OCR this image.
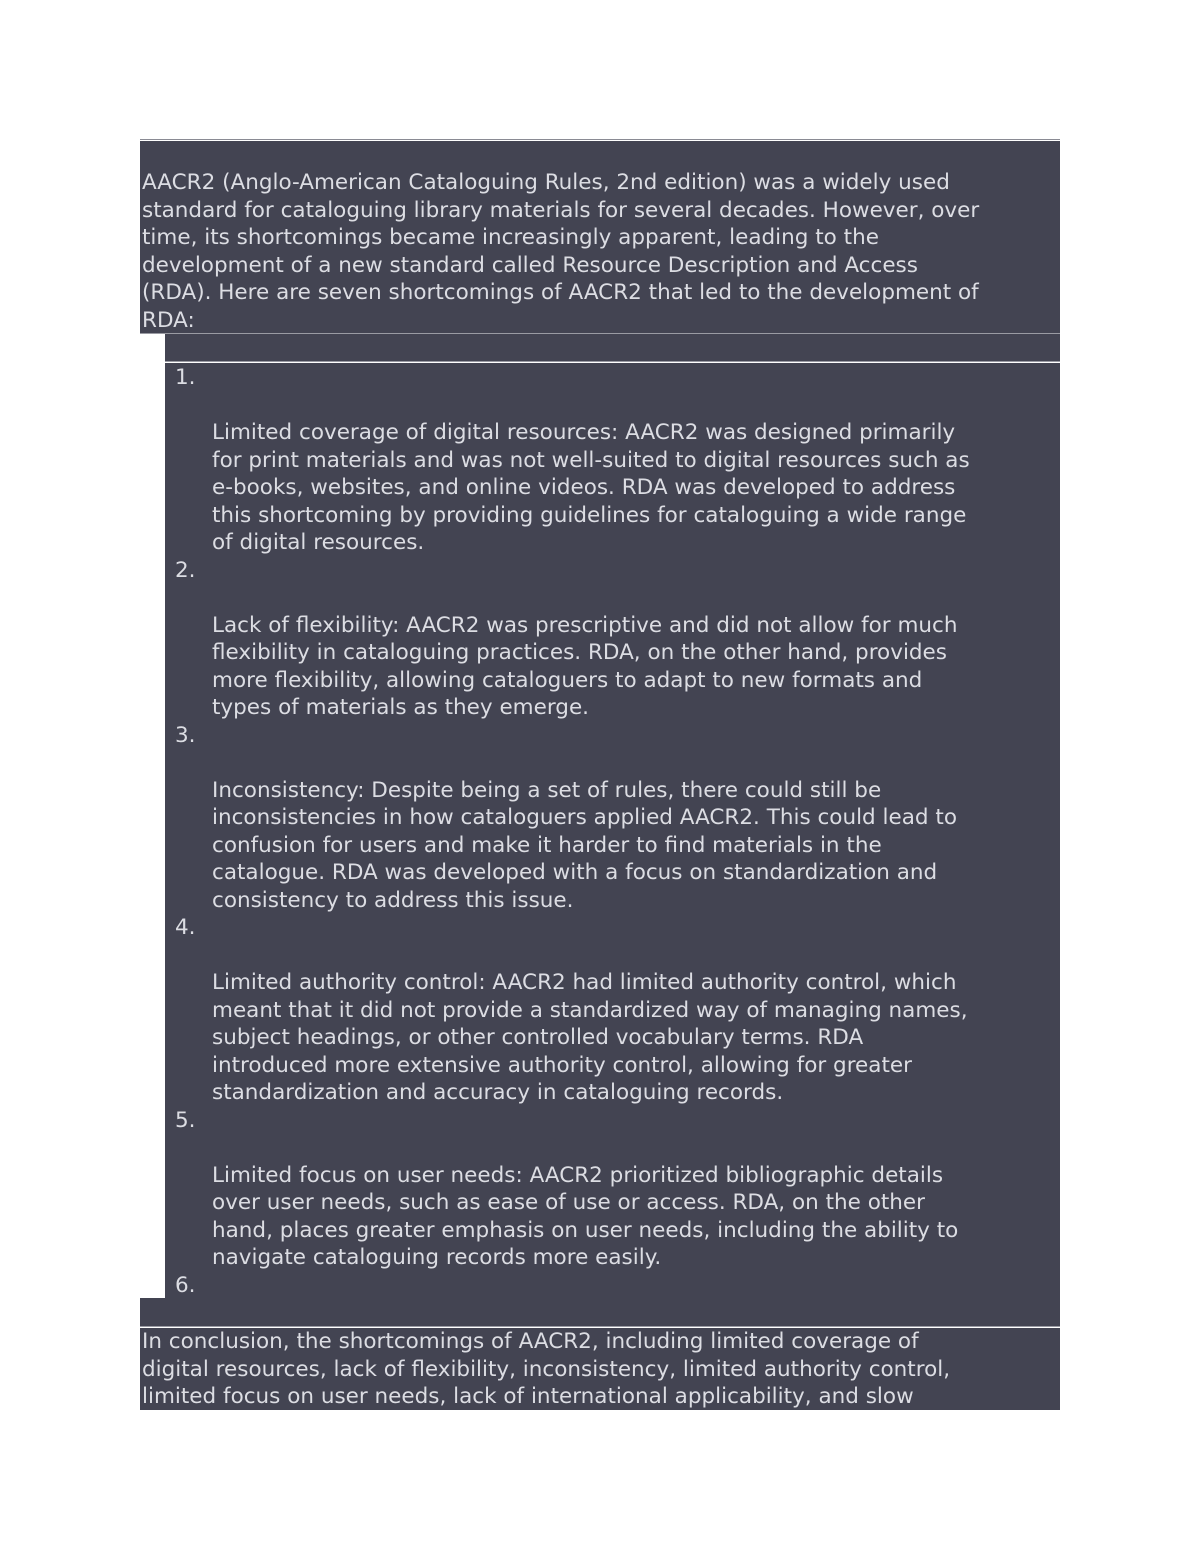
AACR2 (Anglo-American Cataloguing Rules, 2nd edition) was a widely used
standard for cataloguing library materials for several decades. However, over
time, its shortcomings became increasingly apparent, leading to the
development of a new standard called Resource Description and Access
(RDA). Here are seven shortcomings of AACR2 that led to the development of
RDA:

1.

Limited coverage of digital resources: AACR2 was designed primarily
for print materials and was not well-suited to digital resources such as
e-books, websites, and online videos. RDA was developed to address
this shortcoming by providing guidelines for cataloguing a wide range
of digital resources.

2.

Lack of flexibility: AACR2 was prescriptive and did not allow for much
flexibility in cataloguing practices. RDA, on the other hand, provides
more flexibility, allowing cataloguers to adapt to new formats and
types of materials as they emerge.

3.

Inconsistency: Despite being a set of rules, there could still be
inconsistencies in how cataloguers applied AACR2. This could lead to
confusion for users and make it harder to find materials in the
catalogue. RDA was developed with a focus on standardization and
consistency to address this issue.

4.

Limited authority control: AACR2 had limited authority control, which
meant that it did not provide a standardized way of managing names,
subject headings, or other controlled vocabulary terms. RDA
introduced more extensive authority control, allowing for greater
standardization and accuracy in cataloguing records.

5.

Limited focus on user needs: AACR2 prioritized bibliographic details
over user needs, such as ease of use or access. RDA, on the other
hand, places greater emphasis on user needs, including the ability to
navigate cataloguing records more easily.

6.

In conclusion, the shortcomings of AACR2, including limited coverage of
digital resources, lack of flexibility, inconsistency, limited authority control,
limited focus on user needs, lack of international applicability, and slow
